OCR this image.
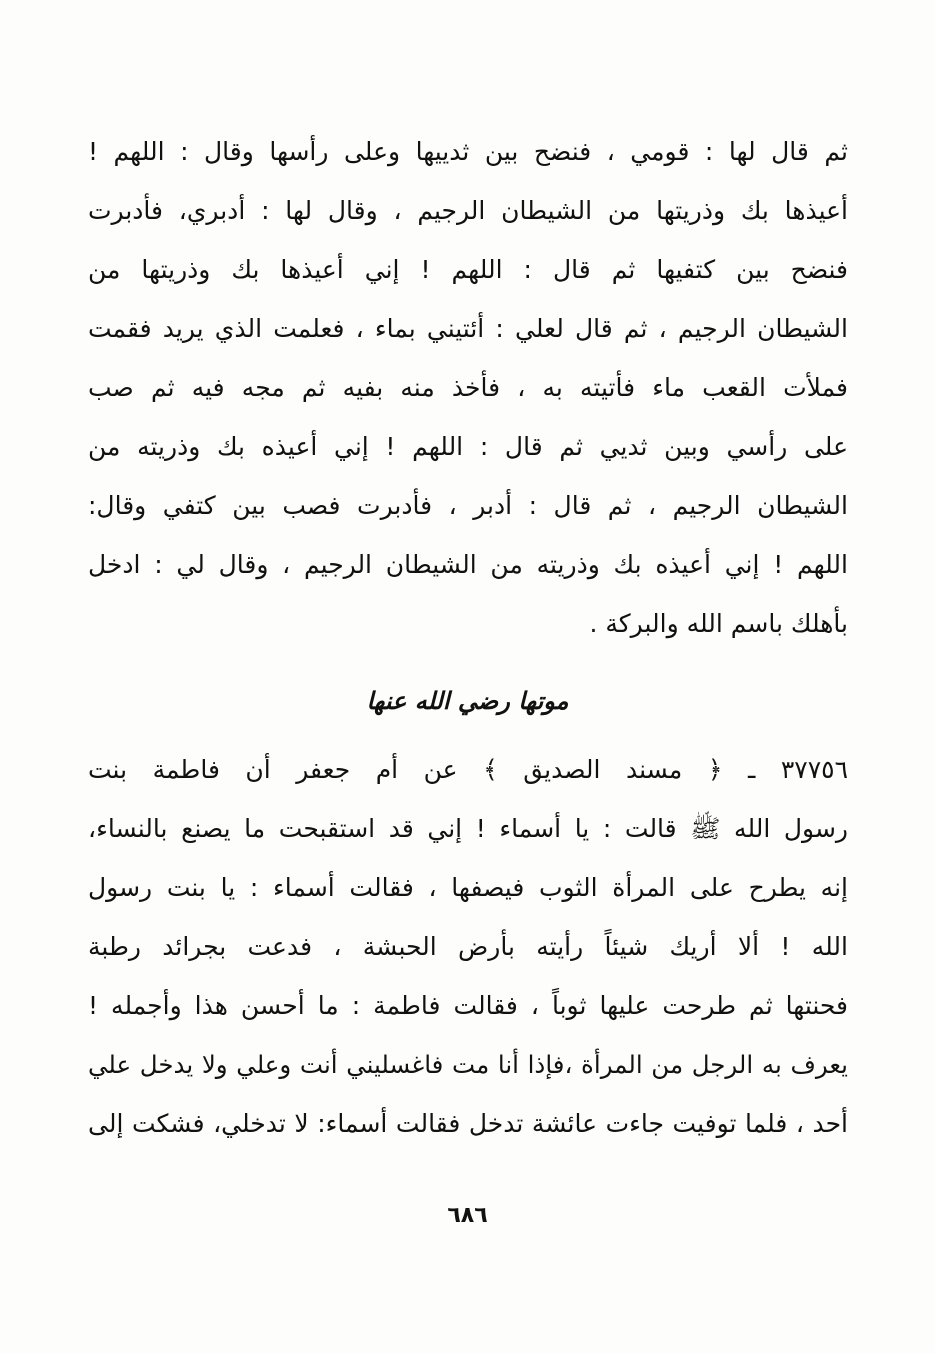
ثم قال لها : قومي ، فنضح بين ثدييها وعلى رأسها وقال : اللهم !
أعيذها بك وذريتها من الشيطان الرجيم ، وقال لها : أدبري، فأدبرت
فنضح بين كتفيها ثم قال : اللهم ! إني أعيذها بك وذريتها من
الشيطان الرجيم ، ثم قال لعلي : أئتيني بماء ، فعلمت الذي يريد فقمت
فملأت القعب ماء فأتيته به ، فأخذ منه بفيه ثم مجه فيه ثم صب
على رأسي وبين ثديي ثم قال : اللهم ! إني أعيذه بك وذريته من
الشيطان الرجيم ، ثم قال : أدبر ، فأدبرت فصب بين كتفي وقال:
اللهم ! إني أعيذه بك وذريته من الشيطان الرجيم ، وقال لي : ادخل
بأهلك باسم الله والبركة .
موتها رضي الله عنها
٣٧٧٥٦ ـ ﴿ مسند الصديق ﴾ عن أم جعفر أن فاطمة بنت
رسول الله ﷺ قالت : يا أسماء ! إني قد استقبحت ما يصنع بالنساء،
إنه يطرح على المرأة الثوب فيصفها ، فقالت أسماء : يا بنت رسول
الله ! ألا أريك شيئاً رأيته بأرض الحبشة ، فدعت بجرائد رطبة
فحنتها ثم طرحت عليها ثوباً ، فقالت فاطمة : ما أحسن هذا وأجمله !
يعرف به الرجل من المرأة ،فإذا أنا مت فاغسليني أنت وعلي ولا يدخل علي
أحد ، فلما توفيت جاءت عائشة تدخل فقالت أسماء: لا تدخلي، فشكت إلى
٦٨٦
